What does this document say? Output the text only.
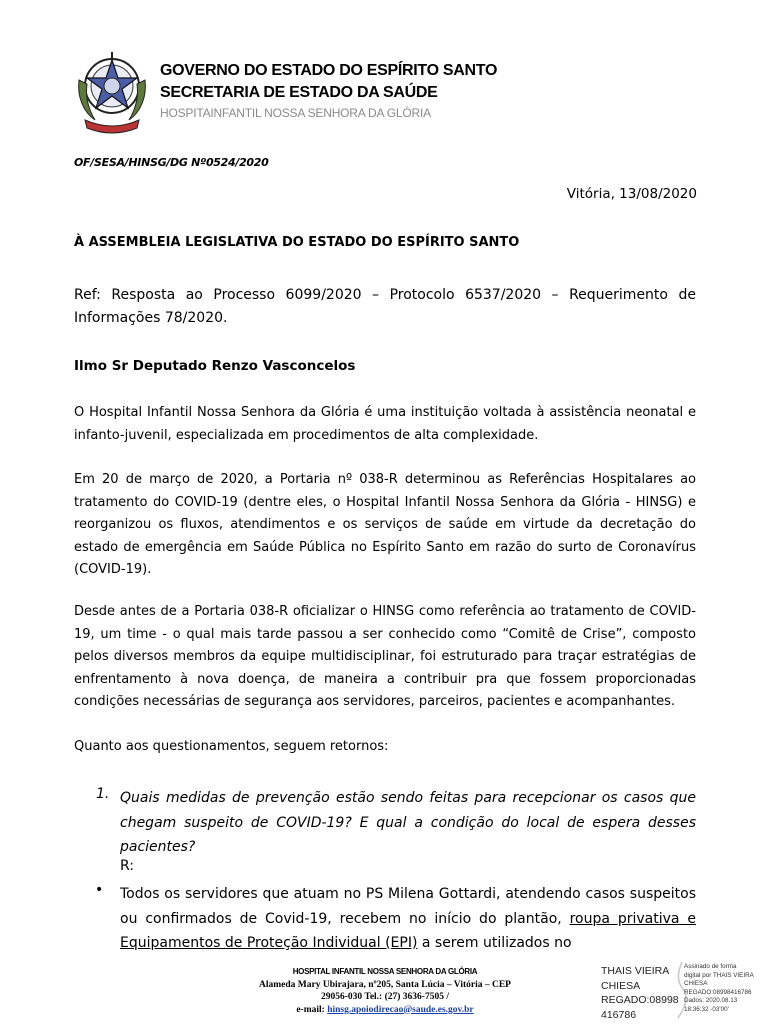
GOVERNO DO ESTADO DO ESPÍRITO SANTO
SECRETARIA DE ESTADO DA SAÚDE
HOSPITAINFANTIL NOSSA SENHORA DA GLÓRIA
OF/SESA/HINSG/DG Nº0524/2020
Vitória, 13/08/2020
À ASSEMBLEIA LEGISLATIVA DO ESTADO DO ESPÍRITO SANTO
Ref: Resposta ao Processo 6099/2020 – Protocolo 6537/2020 – Requerimento de Informações 78/2020.
Ilmo Sr Deputado Renzo Vasconcelos
O Hospital Infantil Nossa Senhora da Glória é uma instituição voltada à assistência neonatal e infanto-juvenil, especializada em procedimentos de alta complexidade.
Em 20 de março de 2020, a Portaria nº 038-R determinou as Referências Hospitalares ao tratamento do COVID-19 (dentre eles, o Hospital Infantil Nossa Senhora da Glória - HINSG) e reorganizou os fluxos, atendimentos e os serviços de saúde em virtude da decretação do estado de emergência em Saúde Pública no Espírito Santo em razão do surto de Coronavírus (COVID-19).
Desde antes de a Portaria 038-R oficializar o HINSG como referência ao tratamento de COVID-19, um time - o qual mais tarde passou a ser conhecido como “Comitê de Crise”, composto pelos diversos membros da equipe multidisciplinar, foi estruturado para traçar estratégias de enfrentamento à nova doença, de maneira a contribuir pra que fossem proporcionadas condições necessárias de segurança aos servidores, parceiros, pacientes e acompanhantes.
Quanto aos questionamentos, seguem retornos:
1. Quais medidas de prevenção estão sendo feitas para recepcionar os casos que chegam suspeito de COVID-19? E qual a condição do local de espera desses pacientes?
R:
• Todos os servidores que atuam no PS Milena Gottardi, atendendo casos suspeitos ou confirmados de Covid-19, recebem no início do plantão, roupa privativa e Equipamentos de Proteção Individual (EPI) a serem utilizados no
HOSPITAL INFANTIL NOSSA SENHORA DA GLÓRIA
Alameda Mary Ubirajara, nº205, Santa Lúcia – Vitória – CEP
29056-030 Tel.: (27) 3636-7505 /
e-mail: hinsg.apoiodirecao@saude.es.gov.br
THAIS VIEIRA
CHIESA
REGADO:08998
416786
Assinado de forma
digital por THAIS VIEIRA
CHIESA
REGADO:08998416786
Dados: 2020.08.13
18:36:32 -03'00'
